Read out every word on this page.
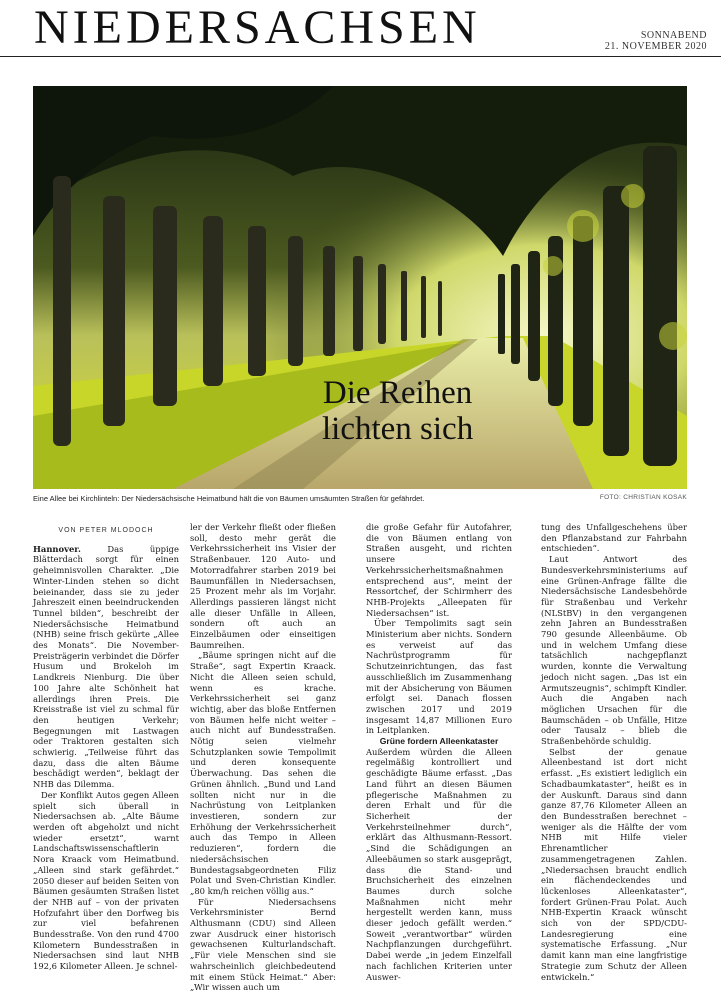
NIEDERSACHSEN	SONNABEND
21. NOVEMBER 2020
Die Reihen
lichten sich
Eine Allee bei Kirchlinteln: Der Niedersächsische Heimatbund hält die von Bäumen umsäumten Straßen für gefährdet.	FOTO: CHRISTIAN KOSAK
VON PETER MLODOCH

Hannover. Das üppige Blätterdach sorgt für einen geheimnisvollen Charakter. „Die Winter-Linden stehen so dicht beieinander, dass sie zu jeder Jahreszeit einen beeindruckenden Tunnel bilden“, beschreibt der Niedersächsische Heimatbund (NHB) seine frisch gekürte „Allee des Monats“. Die November-Preisträgerin verbindet die Dörfer Husum und Brokeloh im Landkreis Nienburg. Die über 100 Jahre alte Schönheit hat allerdings ihren Preis. Die Kreisstraße ist viel zu schmal für den heutigen Verkehr; Begegnungen mit Lastwagen oder Traktoren gestalten sich schwierig. „Teilweise führt das dazu, dass die alten Bäume beschädigt werden“, beklagt der NHB das Dilemma.

Der Konflikt Autos gegen Alleen spielt sich überall in Niedersachsen ab. „Alte Bäume werden oft abgeholzt und nicht wieder ersetzt“, warnt Landschaftswissenschaftlerin Nora Kraack vom Heimatbund. „Alleen sind stark gefährdet.“ 2050 dieser auf beiden Seiten von Bäumen gesäumten Straßen listet der NHB auf – von der privaten Hofzufahrt über den Dorfweg bis zur viel befahrenen Bundesstraße. Von den rund 4700 Kilometern Bundesstraßen in Niedersachsen sind laut NHB 192,6 Kilometer Alleen. Je schnel-

ler der Verkehr fließt oder fließen soll, desto mehr gerät die Verkehrssicherheit ins Visier der Straßenbauer. 120 Auto- und Motorradfahrer starben 2019 bei Baumunfällen in Niedersachsen, 25 Prozent mehr als im Vorjahr. Allerdings passieren längst nicht alle dieser Unfälle in Alleen, sondern oft auch an Einzelbäumen oder einseitigen Baumreihen.

„Bäume springen nicht auf die Straße“, sagt Expertin Kraack. Nicht die Alleen seien schuld, wenn es krache. Verkehrssicherheit sei ganz wichtig, aber das bloße Entfernen von Bäumen helfe nicht weiter – auch nicht auf Bundesstraßen. Nötig seien vielmehr Schutzplanken sowie Tempolimit und deren konsequente Überwachung. Das sehen die Grünen ähnlich. „Bund und Land sollten nicht nur in die Nachrüstung von Leitplanken investieren, sondern zur Erhöhung der Verkehrssicherheit auch das Tempo in Alleen reduzieren“, fordern die niedersächsischen Bundestagsabgeordneten Filiz Polat und Sven-Christian Kindler. „80 km/h reichen völlig aus.“

Für Niedersachsens Verkehrsminister Bernd Althusmann (CDU) sind Alleen zwar Ausdruck einer historisch gewachsenen Kulturlandschaft. „Für viele Menschen sind sie wahrscheinlich gleichbedeutend mit einem Stück Heimat.“ Aber: „Wir wissen auch um

die große Gefahr für Autofahrer, die von Bäumen entlang von Straßen ausgeht, und richten unsere Verkehrssicherheitsmaßnahmen entsprechend aus“, meint der Ressortchef, der Schirmherr des NHB-Projekts „Alleepaten für Niedersachsen“ ist.

Über Tempolimits sagt sein Ministerium aber nichts. Sondern es verweist auf das Nachrüstprogramm für Schutzeinrichtungen, das fast ausschließlich im Zusammenhang mit der Absicherung von Bäumen erfolgt sei. Danach flossen zwischen 2017 und 2019 insgesamt 14,87 Millionen Euro in Leitplanken.

Grüne fordern Alleenkataster

Außerdem würden die Alleen regelmäßig kontrolliert und geschädigte Bäume erfasst. „Das Land führt an diesen Bäumen pflegerische Maßnahmen zu deren Erhalt und für die Sicherheit der Verkehrsteilnehmer durch“, erklärt das Althusmann-Ressort. „Sind die Schädigungen an Alleebäumen so stark ausgeprägt, dass die Stand- und Bruchsicherheit des einzelnen Baumes durch solche Maßnahmen nicht mehr hergestellt werden kann, muss dieser jedoch gefällt werden.“ Soweit „verantwortbar“ würden Nachpflanzungen durchgeführt. Dabei werde „in jedem Einzelfall nach fachlichen Kriterien unter Auswer-

tung des Unfallgeschehens über den Pflanzabstand zur Fahrbahn entschieden“.

Laut Antwort des Bundesverkehrsministeriums auf eine Grünen-Anfrage fällte die Niedersächsische Landesbehörde für Straßenbau und Verkehr (NLStBV) in den vergangenen zehn Jahren an Bundesstraßen 790 gesunde Alleenbäume. Ob und in welchem Umfang diese tatsächlich nachgepflanzt wurden, konnte die Verwaltung jedoch nicht sagen. „Das ist ein Armutszeugnis“, schimpft Kindler. Auch die Angaben nach möglichen Ursachen für die Baumschäden – ob Unfälle, Hitze oder Tausalz – blieb die Straßenbehörde schuldig.

Selbst der genaue Alleenbestand ist dort nicht erfasst. „Es existiert lediglich ein Schadbaumkataster“, heißt es in der Auskunft. Daraus sind dann ganze 87,76 Kilometer Alleen an den Bundesstraßen berechnet – weniger als die Hälfte der vom NHB mit Hilfe vieler Ehrenamtlicher zusammengetragenen Zahlen. „Niedersachsen braucht endlich ein flächendeckendes und lückenloses Alleenkataster“, fordert Grünen-Frau Polat. Auch NHB-Expertin Kraack wünscht sich von der SPD/CDU-Landesregierung eine systematische Erfassung. „Nur damit kann man eine langfristige Strategie zum Schutz der Alleen entwickeln.“
